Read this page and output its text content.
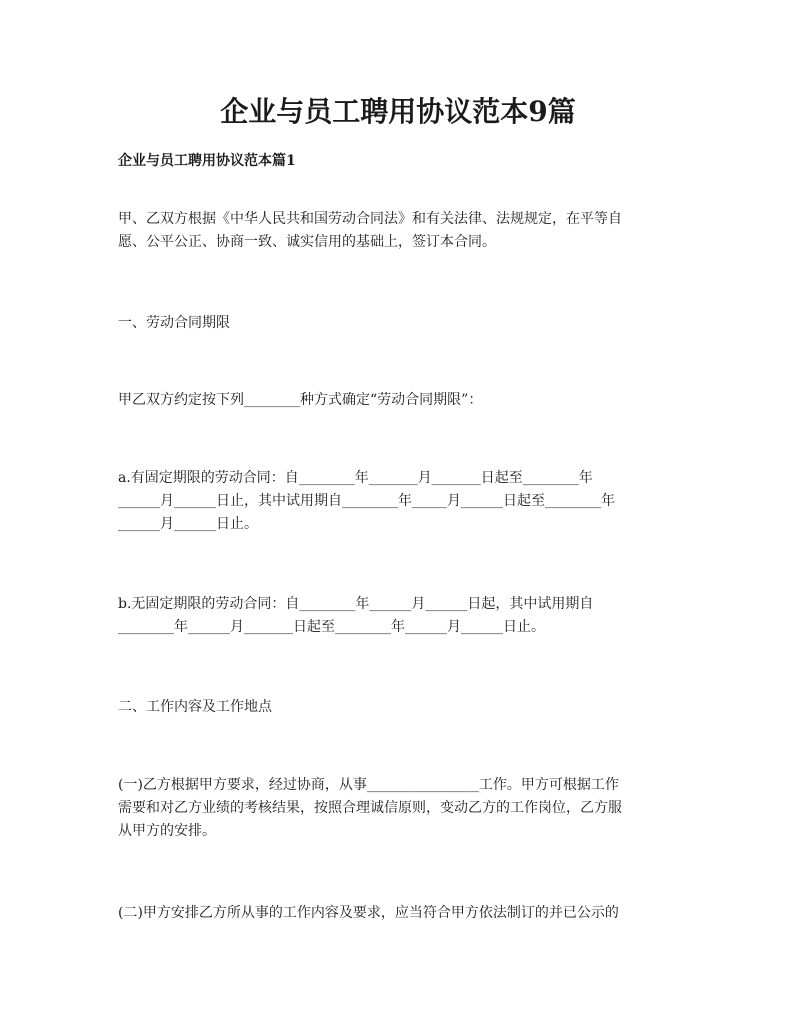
企业与员工聘用协议范本9篇

企业与员工聘用协议范本篇1

甲、乙双方根据《中华人民共和国劳动合同法》和有关法律、法规规定，在平等自
愿、公平公正、协商一致、诚实信用的基础上，签订本合同。

一、劳动合同期限

甲乙双方约定按下列________种方式确定“劳动合同期限”：

a.有固定期限的劳动合同：自________年_______月_______日起至________年
______月______日止，其中试用期自________年_____月______日起至________年
______月______日止。

b.无固定期限的劳动合同：自________年______月______日起，其中试用期自
________年______月_______日起至________年______月______日止。

二、工作内容及工作地点

(一)乙方根据甲方要求，经过协商，从事________________工作。甲方可根据工作
需要和对乙方业绩的考核结果，按照合理诚信原则，变动乙方的工作岗位，乙方服
从甲方的安排。

(二)甲方安排乙方所从事的工作内容及要求，应当符合甲方依法制订的并已公示的
